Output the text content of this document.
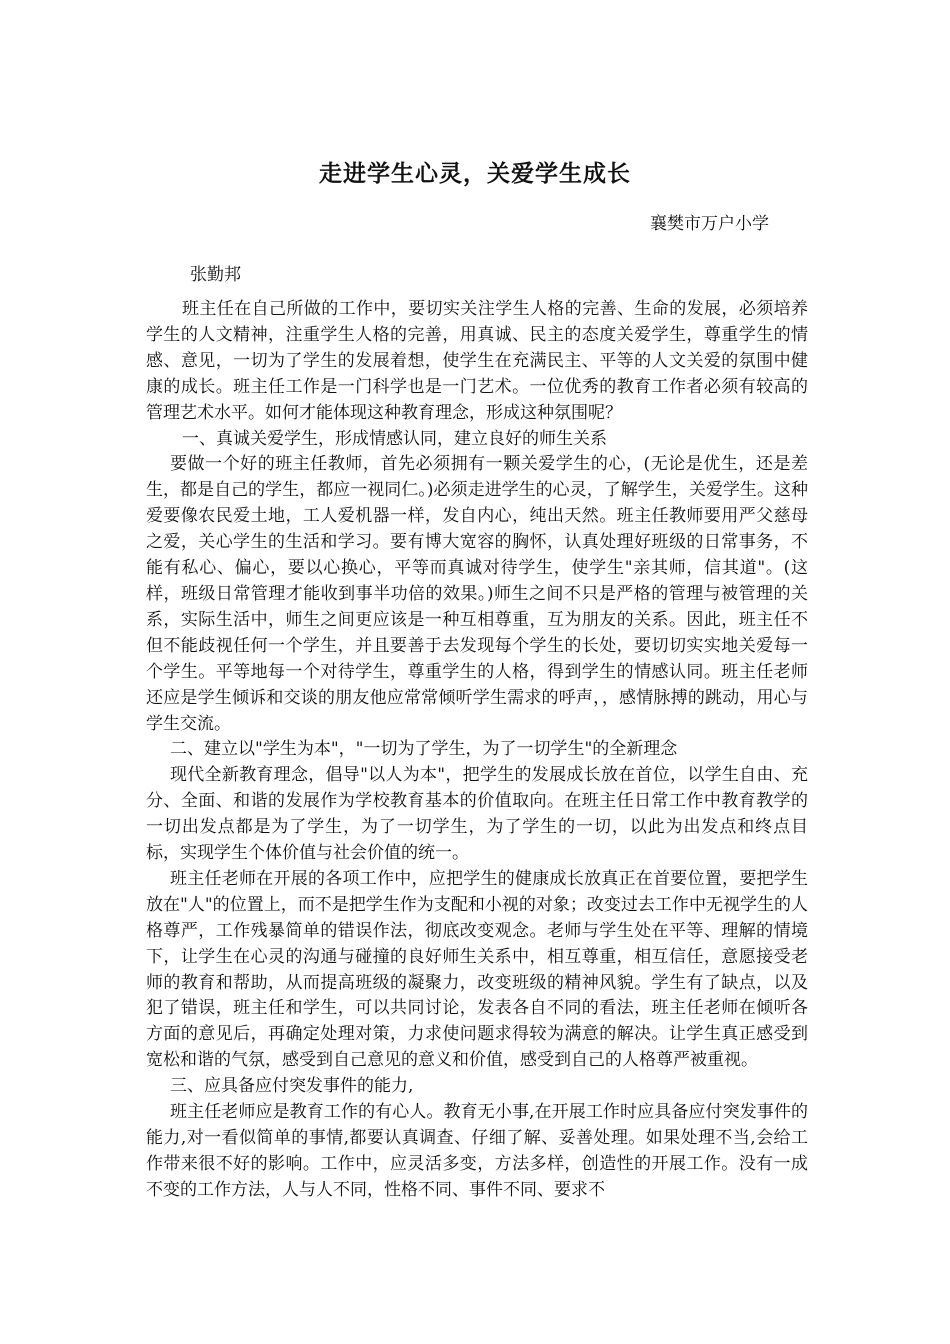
走进学生心灵，关爱学生成长
襄樊市万户小学
张勤邦

班主任在自己所做的工作中，要切实关注学生人格的完善、生命的发展，必须培养学生的人文精神，注重学生人格的完善，用真诚、民主的态度关爱学生，尊重学生的情感、意见，一切为了学生的发展着想，使学生在充满民主、平等的人文关爱的氛围中健康的成长。班主任工作是一门科学也是一门艺术。一位优秀的教育工作者必须有较高的管理艺术水平。如何才能体现这种教育理念，形成这种氛围呢？

一、真诚关爱学生，形成情感认同，建立良好的师生关系

要做一个好的班主任教师，首先必须拥有一颗关爱学生的心，(无论是优生，还是差生，都是自己的学生，都应一视同仁。)必须走进学生的心灵，了解学生，关爱学生。这种爱要像农民爱土地，工人爱机器一样，发自内心，纯出天然。班主任教师要用严父慈母之爱，关心学生的生活和学习。要有博大宽容的胸怀，认真处理好班级的日常事务，不能有私心、偏心，要以心换心，平等而真诚对待学生，使学生"亲其师，信其道"。(这样，班级日常管理才能收到事半功倍的效果。)师生之间不只是严格的管理与被管理的关系，实际生活中，师生之间更应该是一种互相尊重，互为朋友的关系。因此，班主任不但不能歧视任何一个学生，并且要善于去发现每个学生的长处，要切切实实地关爱每一个学生。平等地每一个对待学生，尊重学生的人格，得到学生的情感认同。班主任老师还应是学生倾诉和交谈的朋友他应常常倾听学生需求的呼声，，感情脉搏的跳动，用心与学生交流。

二、建立以"学生为本"，"一切为了学生，为了一切学生"的全新理念

现代全新教育理念，倡导"以人为本"，把学生的发展成长放在首位，以学生自由、充分、全面、和谐的发展作为学校教育基本的价值取向。在班主任日常工作中教育教学的一切出发点都是为了学生，为了一切学生，为了学生的一切，以此为出发点和终点目标，实现学生个体价值与社会价值的统一。

班主任老师在开展的各项工作中，应把学生的健康成长放真正在首要位置，要把学生放在"人"的位置上，而不是把学生作为支配和小视的对象；改变过去工作中无视学生的人格尊严，工作残暴简单的错误作法，彻底改变观念。老师与学生处在平等、理解的情境下，让学生在心灵的沟通与碰撞的良好师生关系中，相互尊重，相互信任，意愿接受老师的教育和帮助，从而提高班级的凝聚力，改变班级的精神风貌。学生有了缺点，以及犯了错误，班主任和学生，可以共同讨论，发表各自不同的看法，班主任老师在倾听各方面的意见后，再确定处理对策，力求使问题求得较为满意的解决。让学生真正感受到宽松和谐的气氛，感受到自己意见的意义和价值，感受到自己的人格尊严被重视。

三、应具备应付突发事件的能力,

班主任老师应是教育工作的有心人。教育无小事,在开展工作时应具备应付突发事件的能力,对一看似简单的事情,都要认真调查、仔细了解、妥善处理。如果处理不当,会给工作带来很不好的影响。工作中，应灵活多变，方法多样，创造性的开展工作。没有一成不变的工作方法，人与人不同，性格不同、事件不同、要求不
